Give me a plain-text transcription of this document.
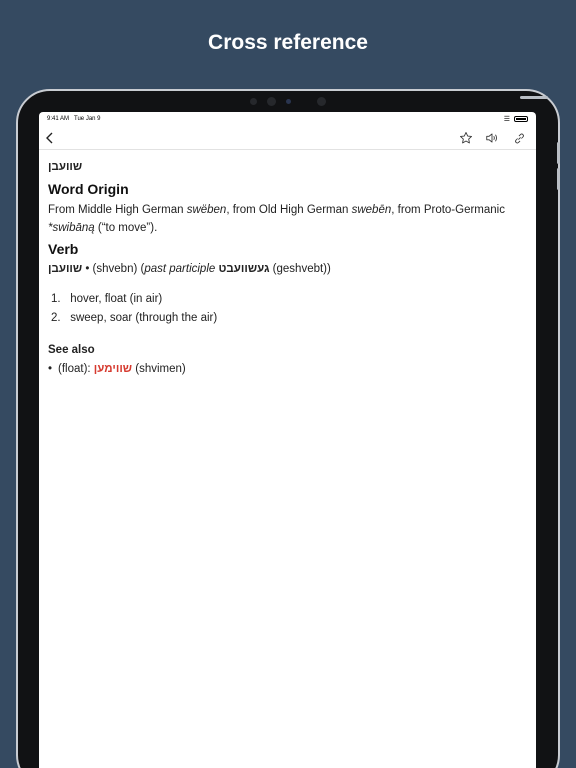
Cross reference
9:41 AM Tue Jan 9	☰
שוועבן
Word Origin
From Middle High German swëben, from Old High German swebēn, from Proto-Germanic *swibāną (“to move”).
Verb
שוועבן • (shvebn) (past participle געשוועבט (geshvebt))
1. hover, float (in air)
2. sweep, soar (through the air)
See also
• (float): שווימען (shvimen)
